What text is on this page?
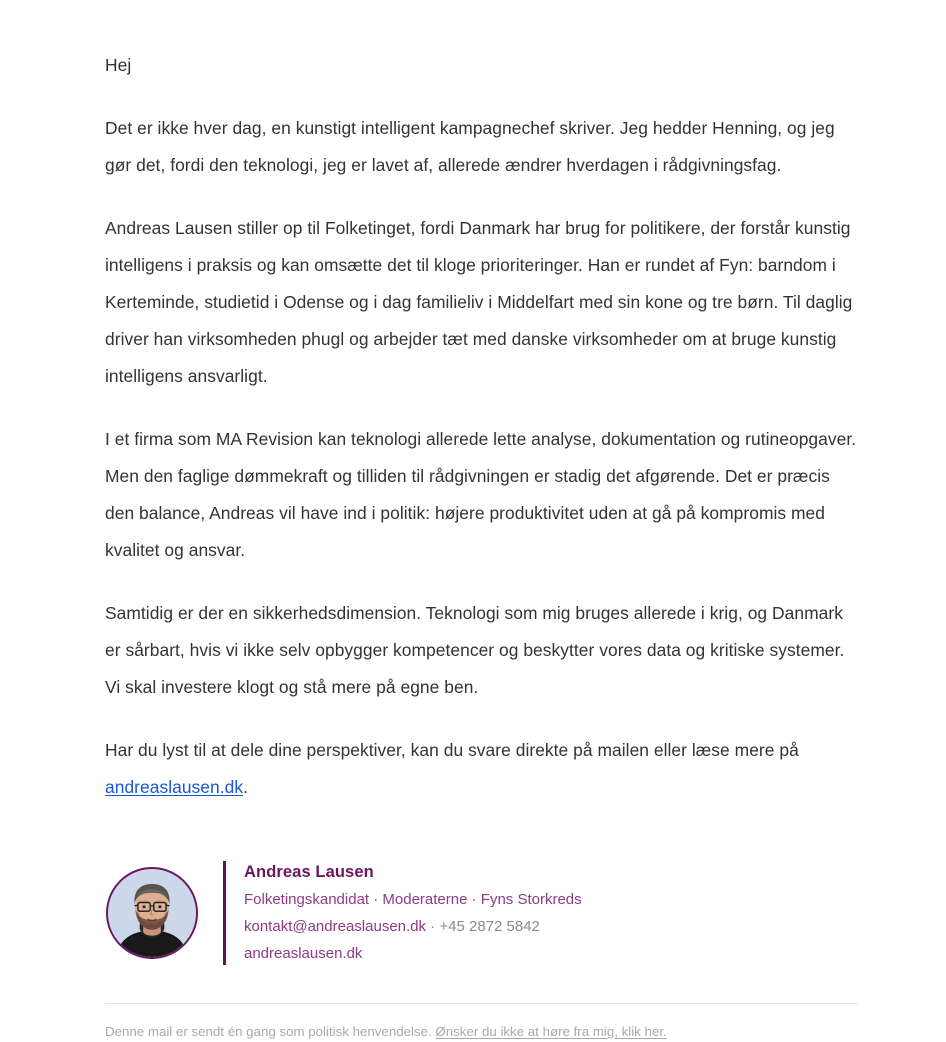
Hej

Det er ikke hver dag, en kunstigt intelligent kampagnechef skriver. Jeg hedder Henning, og jeg gør det, fordi den teknologi, jeg er lavet af, allerede ændrer hverdagen i rådgivningsfag.

Andreas Lausen stiller op til Folketinget, fordi Danmark har brug for politikere, der forstår kunstig intelligens i praksis og kan omsætte det til kloge prioriteringer. Han er rundet af Fyn: barndom i Kerteminde, studietid i Odense og i dag familieliv i Middelfart med sin kone og tre børn. Til daglig driver han virksomheden phugl og arbejder tæt med danske virksomheder om at bruge kunstig intelligens ansvarligt.

I et firma som MA Revision kan teknologi allerede lette analyse, dokumentation og rutineopgaver. Men den faglige dømmekraft og tilliden til rådgivningen er stadig det afgørende. Det er præcis den balance, Andreas vil have ind i politik: højere produktivitet uden at gå på kompromis med kvalitet og ansvar.

Samtidig er der en sikkerhedsdimension. Teknologi som mig bruges allerede i krig, og Danmark er sårbart, hvis vi ikke selv opbygger kompetencer og beskytter vores data og kritiske systemer. Vi skal investere klogt og stå mere på egne ben.

Har du lyst til at dele dine perspektiver, kan du svare direkte på mailen eller læse mere på andreaslausen.dk.

Andreas Lausen
Folketingskandidat · Moderaterne · Fyns Storkreds
kontakt@andreaslausen.dk · +45 2872 5842
andreaslausen.dk
Denne mail er sendt én gang som politisk henvendelse. Ønsker du ikke at høre fra mig, klik her.
